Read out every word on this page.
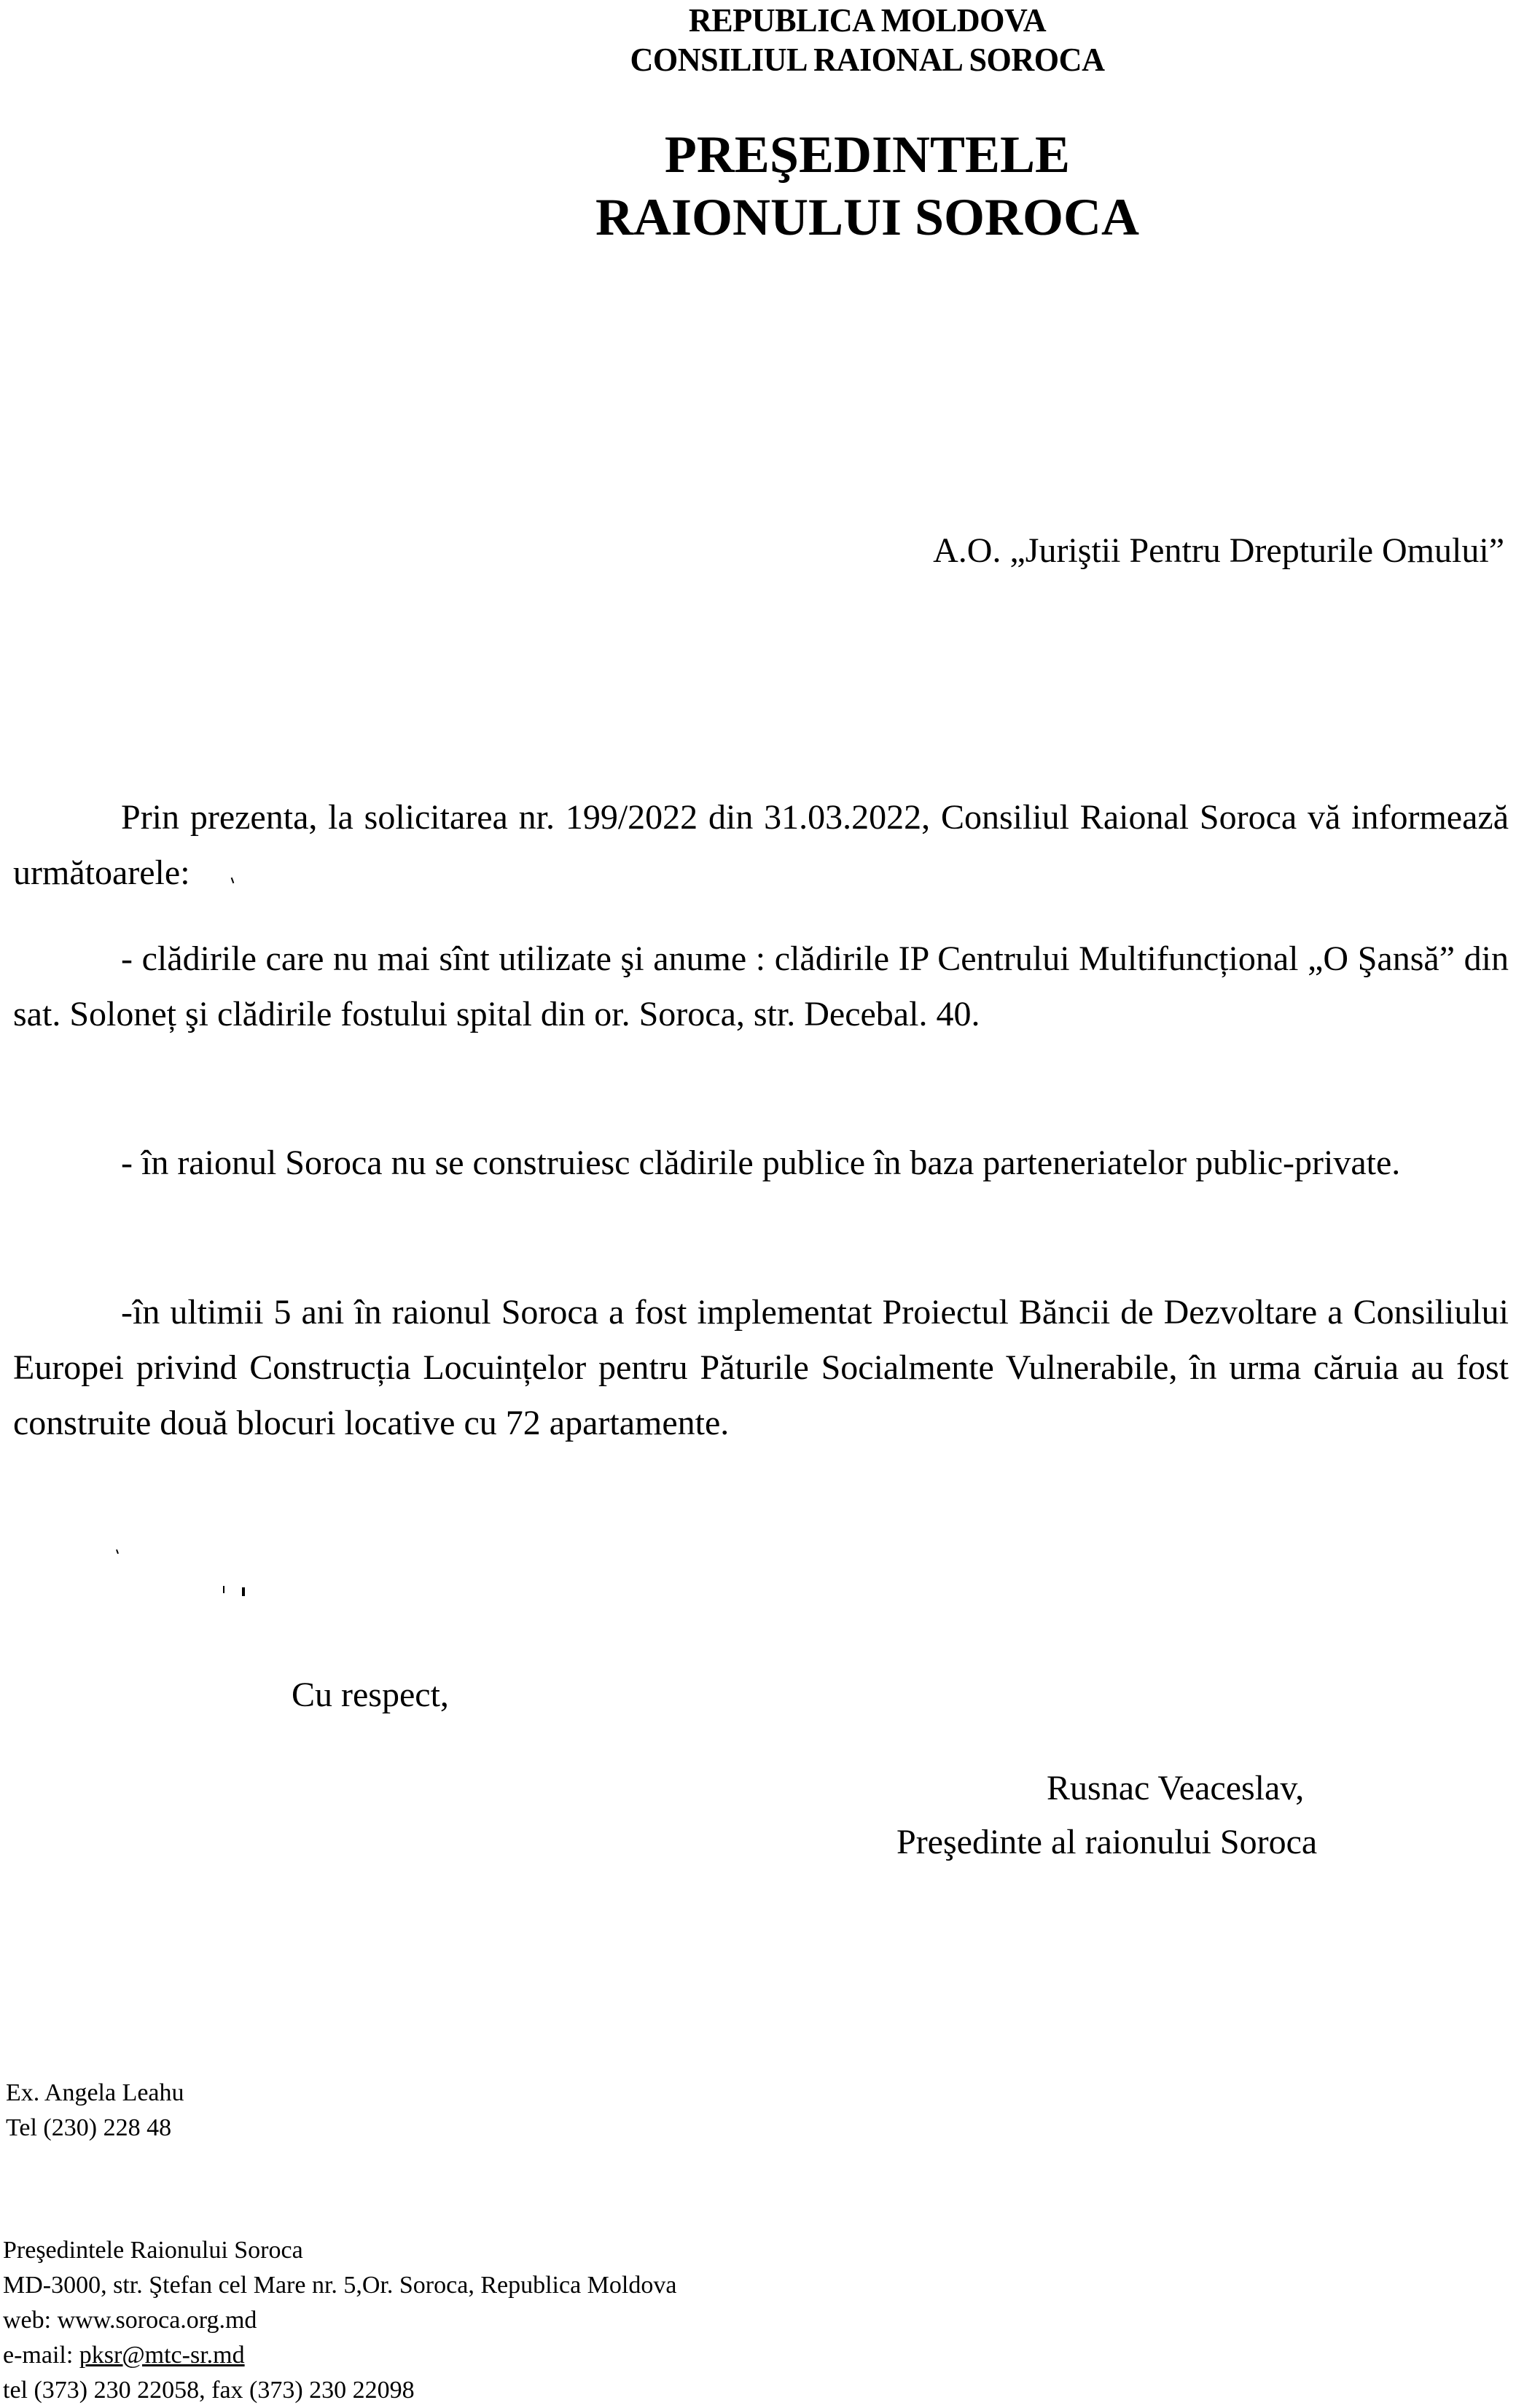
REPUBLICA MOLDOVA
CONSILIUL RAIONAL SOROCA
PREŞEDINTELE
RAIONULUI SOROCA
A.O. „Juriştii Pentru Drepturile Omului”

Prin prezenta, la solicitarea nr. 199/2022 din 31.03.2022, Consiliul Raional Soroca vă informează următoarele:

- clădirile care nu mai sînt utilizate şi anume : clădirile IP Centrului Multifuncțional „O Şansă” din sat. Soloneț şi clădirile fostului spital din or. Soroca, str. Decebal. 40.

- în raionul Soroca nu se construiesc clădirile publice în baza parteneriatelor public-private.

-în ultimii 5 ani în raionul Soroca a fost implementat Proiectul Băncii de Dezvoltare a Consiliului Europei privind Construcția Locuințelor pentru Păturile Socialmente Vulnerabile, în urma căruia au fost construite două blocuri locative cu 72 apartamente.

Cu respect,
Rusnac Veaceslav,
Preşedinte al raionului Soroca
Ex. Angela Leahu
Tel (230) 228 48
Preşedintele Raionului Soroca
MD-3000, str. Ştefan cel Mare nr. 5,Or. Soroca, Republica Moldova
web: www.soroca.org.md
e-mail: pksr@mtc-sr.md
tel (373) 230 22058, fax (373) 230 22098
